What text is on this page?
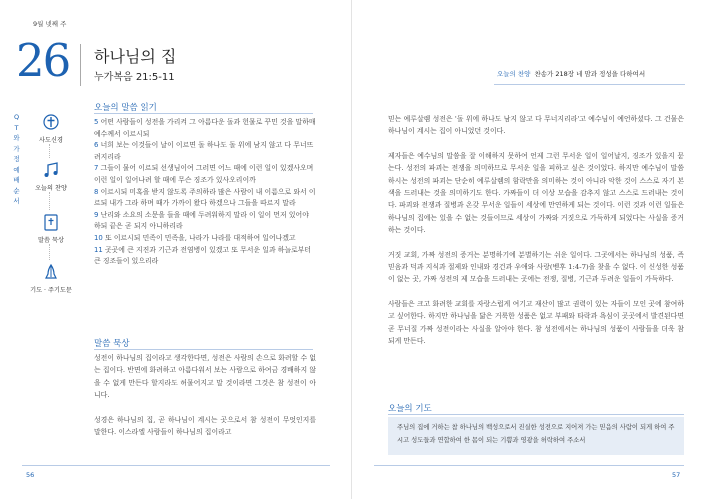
9월 넷째 주
26 하나님의 집
누가복음 21:5-11
QT와 가정예배 순서
사도신경
오늘의 찬양
말씀 묵상
기도 · 주기도문
오늘의 말씀 읽기

5 어떤 사람들이 성전을 가리켜 그 아름다운 돌과 헌물로 꾸민 것을 말하매 예수께서 이르시되

6 너희 보는 이것들이 날이 이르면 돌 하나도 돌 위에 남지 않고 다 무너뜨려지리라

7 그들이 물어 이르되 선생님이여 그러면 어느 때에 이런 일이 있겠사오며 이런 일이 일어나려 할 때에 무슨 징조가 있사오리이까

8 이르시되 미혹을 받지 않도록 주의하라 많은 사람이 내 이름으로 와서 이르되 내가 그라 하며 때가 가까이 왔다 하겠으나 그들을 따르지 말라

9 난리와 소요의 소문을 들을 때에 두려워하지 말라 이 일이 먼저 있어야 하되 끝은 곧 되지 아니하리라

10 또 이르시되 민족이 민족을, 나라가 나라를 대적하여 일어나겠고

11 곳곳에 큰 지진과 기근과 전염병이 있겠고 또 무서운 일과 하늘로부터 큰 징조들이 있으리라

말씀 묵상

성전이 하나님의 집이라고 생각한다면, 성전은 사람의 손으로 화려할 수 없는 집이다. 반면에 화려하고 아름다워서 보는 사람으로 하여금 경배하지 않을 수 없게 만든다 할지라도 허물어지고 말 것이라면 그것은 참 성전이 아니다.

성경은 하나님의 집, 곧 하나님이 계시는 곳으로서 참 성전이 무엇인지를 말한다. 이스라엘 사람들이 하나님의 집이라고

56
오늘의 찬양 찬송가 218장 네 맘과 정성을 다하여서

믿는 예루살렘 성전은 '돌 위에 하나도 남지 않고 다 무너지리라'고 예수님이 예언하셨다. 그 건물은 하나님이 계시는 집이 아니었던 것이다.

제자들은 예수님의 말씀을 잘 이해하지 못하여 언제 그런 무서운 일이 일어날지, 징조가 있을지 묻는다. 성전의 파괴는 전쟁을 의미하므로 무서운 일을 피하고 싶은 것이었다. 하지만 예수님이 말씀하시는 성전의 파괴는 단순히 예루살렘의 함락만을 의미하는 것이 아니라 악한 것이 스스로 자기 본색을 드러내는 것을 의미하기도 한다. 가짜들이 더 이상 모습을 감추지 않고 스스로 드러내는 것이다. 파괴와 전쟁과 질병과 온갖 무서운 일들이 세상에 만연하게 되는 것이다. 이런 것과 이런 일들은 하나님의 집에는 있을 수 없는 것들이므로 세상이 가짜와 거짓으로 가득하게 되었다는 사실을 증거하는 것이다.

거짓 교회, 가짜 성전의 증거는 분명하기에 분별하기는 쉬운 일이다. 그곳에서는 하나님의 성품, 즉믿음과 덕과 지식과 절제와 인내와 경건과 우애와 사랑(벧후 1:4-7)을 찾을 수 없다. 이 신성한 성품이 없는 곳, 가짜 성전의 제 모습을 드러내는 곳에는 전쟁, 질병, 기근과 두려운 일들이 가득하다.

사람들은 크고 화려한 교회를 자랑스럽게 여기고 재산이 많고 권력이 있는 자들이 모인 곳에 참여하고 싶어한다. 하지만 하나님을 닮은 거룩한 성품은 없고 부패와 타락과 욕심이 곳곳에서 발견된다면 곧 무너질 가짜 성전이라는 사실을 알아야 한다. 참 성전에서는 하나님의 성품이 사람들을 더욱 참되게 만든다.

오늘의 기도
주님의 집에 거하는 참 하나님의 백성으로서 진실한 성전으로 지어져 가는 믿음의 사람이 되게 하여 주시고 성도들과 연합하여 한 몸이 되는 기쁨과 영광을 허락하여 주소서
57
